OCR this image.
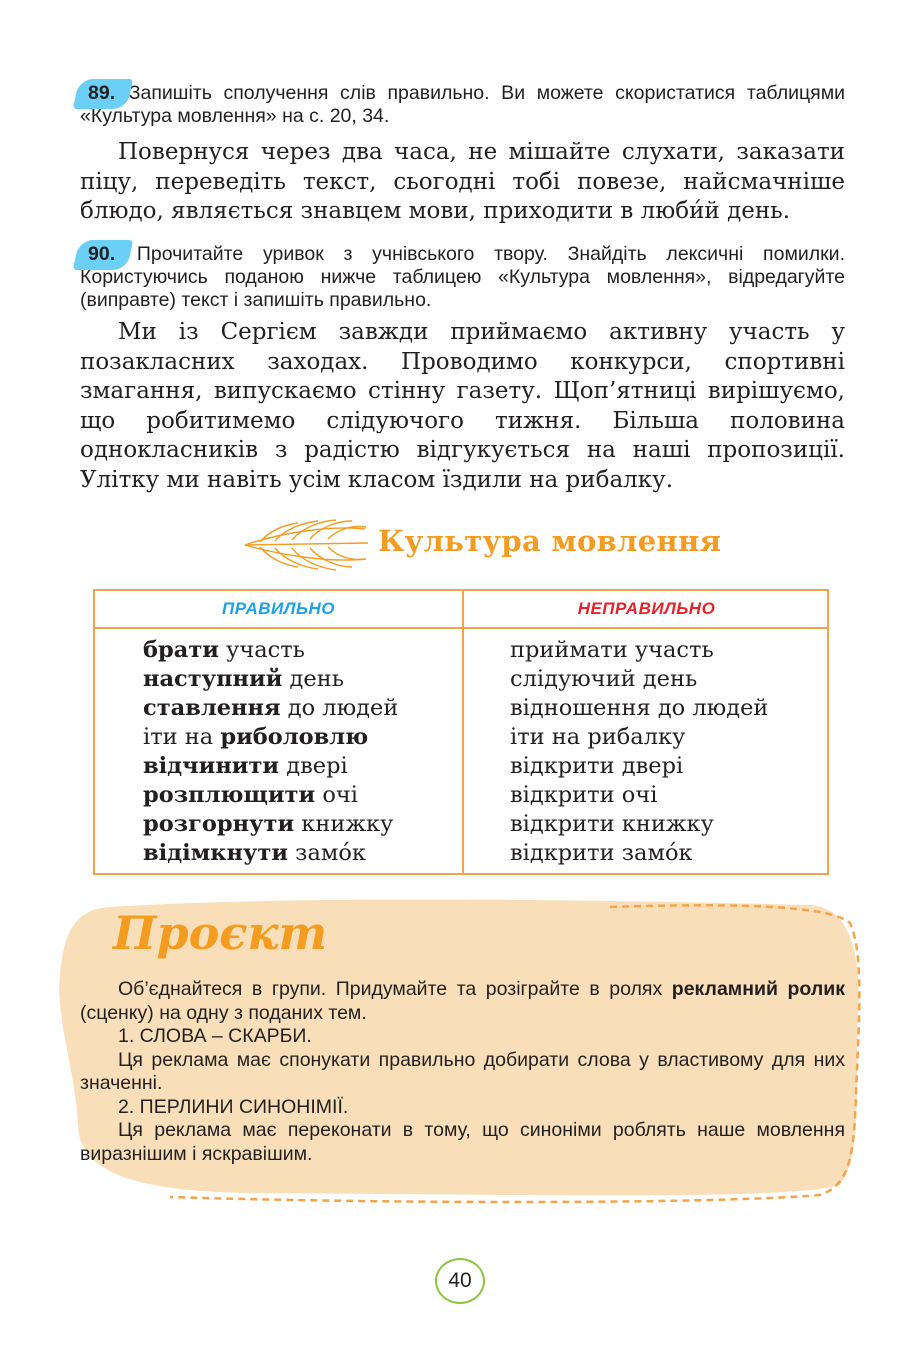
89. Запишіть сполучення слів правильно. Ви можете скористатися таблицями «Культура мовлення» на с. 20, 34.

Повернуся через два часа, не мішайте слухати, заказати піцу, переведіть текст, сьогодні тобі повезе, найсмачніше блюдо, являється знавцем мови, приходити в люби́й день.

90. Прочитайте уривок з учнівського твору. Знайдіть лексичні помилки. Користуючись поданою нижче таблицею «Культура мовлення», відредагуйте (виправте) текст і запишіть правильно.

Ми із Сергієм завжди приймаємо активну участь у позакласних заходах. Проводимо конкурси, спортивні змагання, випускаємо стінну газету. Щоп’ятниці вирішуємо, що робитимемо слідуючого тижня. Більша половина однокласників з радістю відгукується на наші пропозиції. Улітку ми навіть усім класом їздили на рибалку.

Культура мовлення
ПРАВИЛЬНО	НЕПРАВИЛЬНО
брати участь
наступний день
ставлення до людей
іти на риболовлю
відчинити двері
розплющити очі
розгорнути книжку
відімкнути замо́к
приймати участь
слідуючий день
відношення до людей
іти на рибалку
відкрити двері
відкрити очі
відкрити книжку
відкрити замо́к
Проєкт

Об’єднайтеся в групи. Придумайте та розіграйте в ролях рекламний ролик (сценку) на одну з поданих тем.

1. СЛОВА – СКАРБИ.

Ця реклама має спонукати правильно добирати слова у властивому для них значенні.

2. ПЕРЛИНИ СИНОНІМІЇ.

Ця реклама має переконати в тому, що синоніми роблять наше мовлення виразнішим і яскравішим.

40
